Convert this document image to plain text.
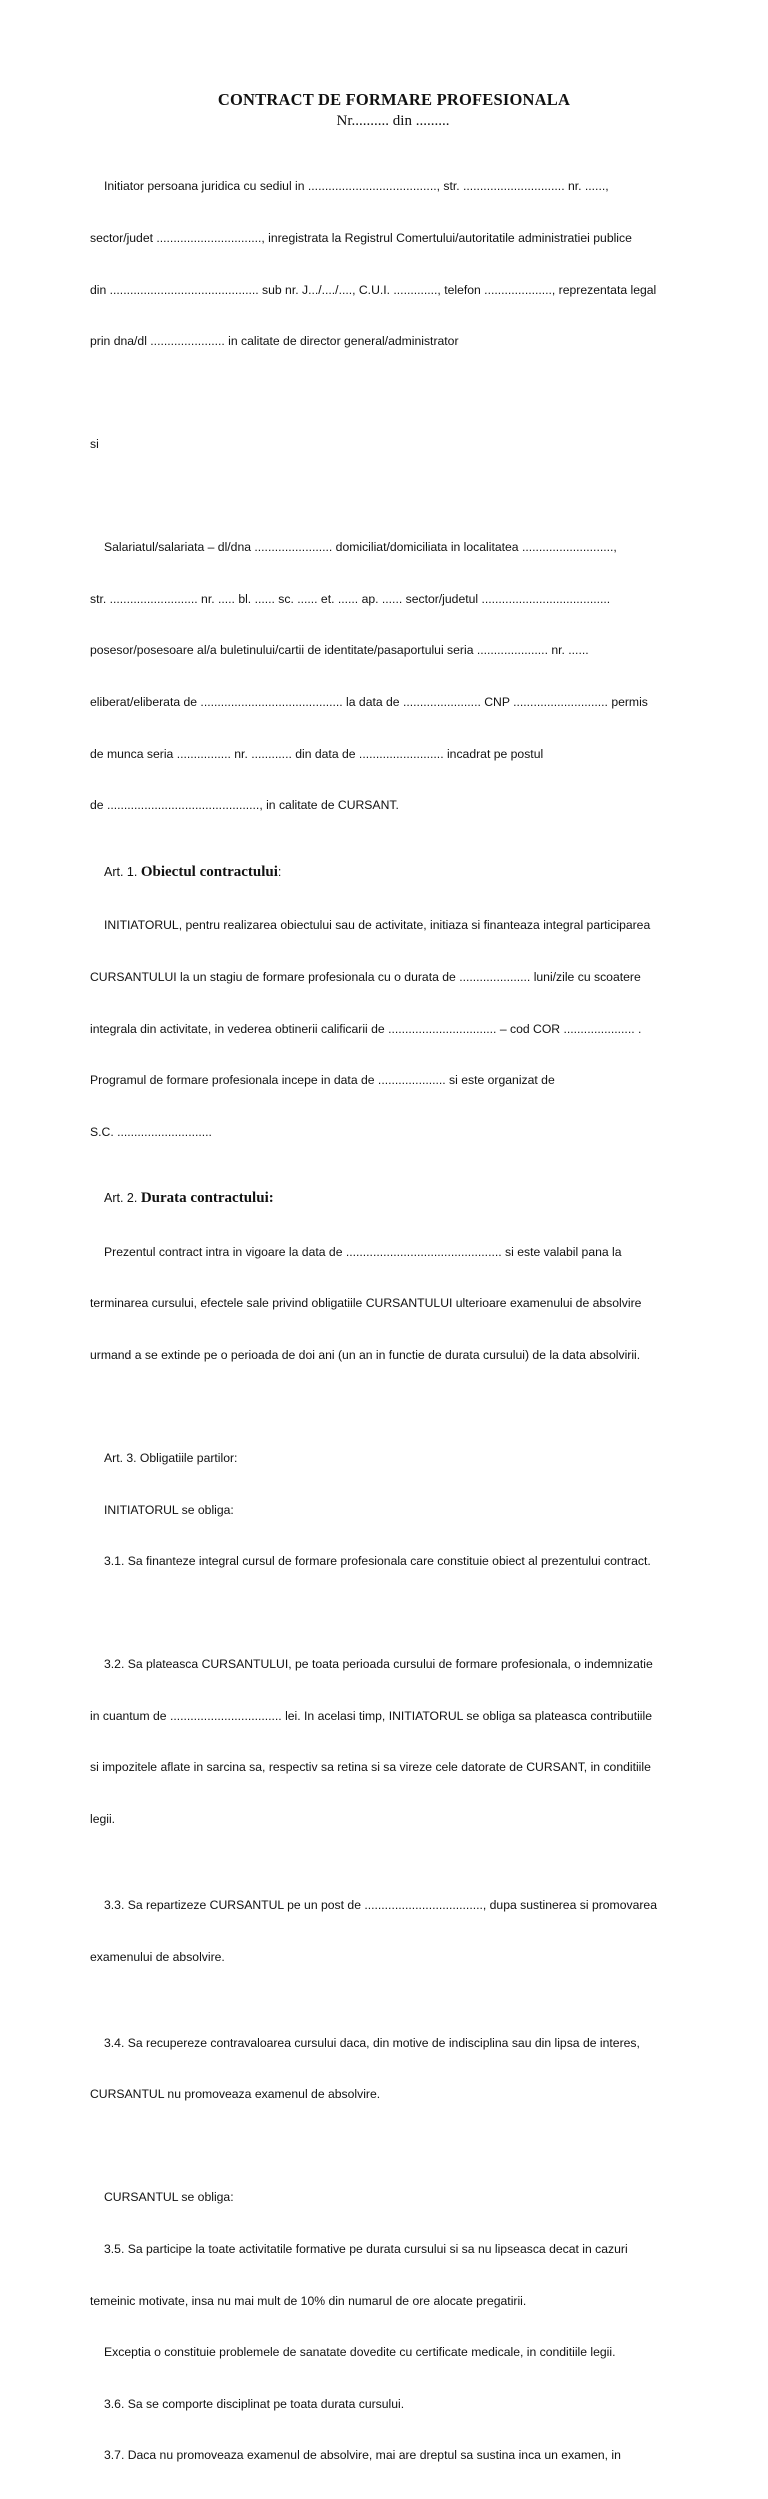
CONTRACT DE FORMARE PROFESIONALA

Nr.......... din .........

Initiator persoana juridica cu sediul in ......................................, str. .............................. nr. ......,

sector/judet ..............................., inregistrata la Registrul Comertului/autoritatile administratiei publice

din ............................................ sub nr. J.../..../...., C.U.I. ............., telefon ...................., reprezentata legal

prin dna/dl ...................... in calitate de director general/administrator

si

Salariatul/salariata – dl/dna ....................... domiciliat/domiciliata in localitatea ...........................,

str. .......................... nr. ..... bl. ...... sc. ...... et. ...... ap. ...... sector/judetul ......................................

posesor/posesoare al/a buletinului/cartii de identitate/pasaportului seria ..................... nr. ......

eliberat/eliberata de .......................................... la data de ....................... CNP ............................ permis

de munca seria ................ nr. ............ din data de ......................... incadrat pe postul

de ............................................., in calitate de CURSANT.

Art. 1. Obiectul contractului:

INITIATORUL, pentru realizarea obiectului sau de activitate, initiaza si finanteaza integral participarea

CURSANTULUI la un stagiu de formare profesionala cu o durata de ..................... luni/zile cu scoatere

integrala din activitate, in vederea obtinerii calificarii de ................................ – cod COR ..................... .

Programul de formare profesionala incepe in data de .................... si este organizat de

S.C. ............................

Art. 2. Durata contractului:

Prezentul contract intra in vigoare la data de .............................................. si este valabil pana la

terminarea cursului, efectele sale privind obligatiile CURSANTULUI ulterioare examenului de absolvire

urmand a se extinde pe o perioada de doi ani (un an in functie de durata cursului) de la data absolvirii.

Art. 3. Obligatiile partilor:

INITIATORUL se obliga:

3.1. Sa finanteze integral cursul de formare profesionala care constituie obiect al prezentului contract.

3.2. Sa plateasca CURSANTULUI, pe toata perioada cursului de formare profesionala, o indemnizatie

in cuantum de ................................. lei. In acelasi timp, INITIATORUL se obliga sa plateasca contributiile

si impozitele aflate in sarcina sa, respectiv sa retina si sa vireze cele datorate de CURSANT, in conditiile

legii.

3.3. Sa repartizeze CURSANTUL pe un post de ..................................., dupa sustinerea si promovarea

examenului de absolvire.

3.4. Sa recupereze contravaloarea cursului daca, din motive de indisciplina sau din lipsa de interes,

CURSANTUL nu promoveaza examenul de absolvire.

CURSANTUL se obliga:

3.5. Sa participe la toate activitatile formative pe durata cursului si sa nu lipseasca decat in cazuri

temeinic motivate, insa nu mai mult de 10% din numarul de ore alocate pregatirii.

Exceptia o constituie problemele de sanatate dovedite cu certificate medicale, in conditiile legii.

3.6. Sa se comporte disciplinat pe toata durata cursului.

3.7. Daca nu promoveaza examenul de absolvire, mai are dreptul sa sustina inca un examen, in
